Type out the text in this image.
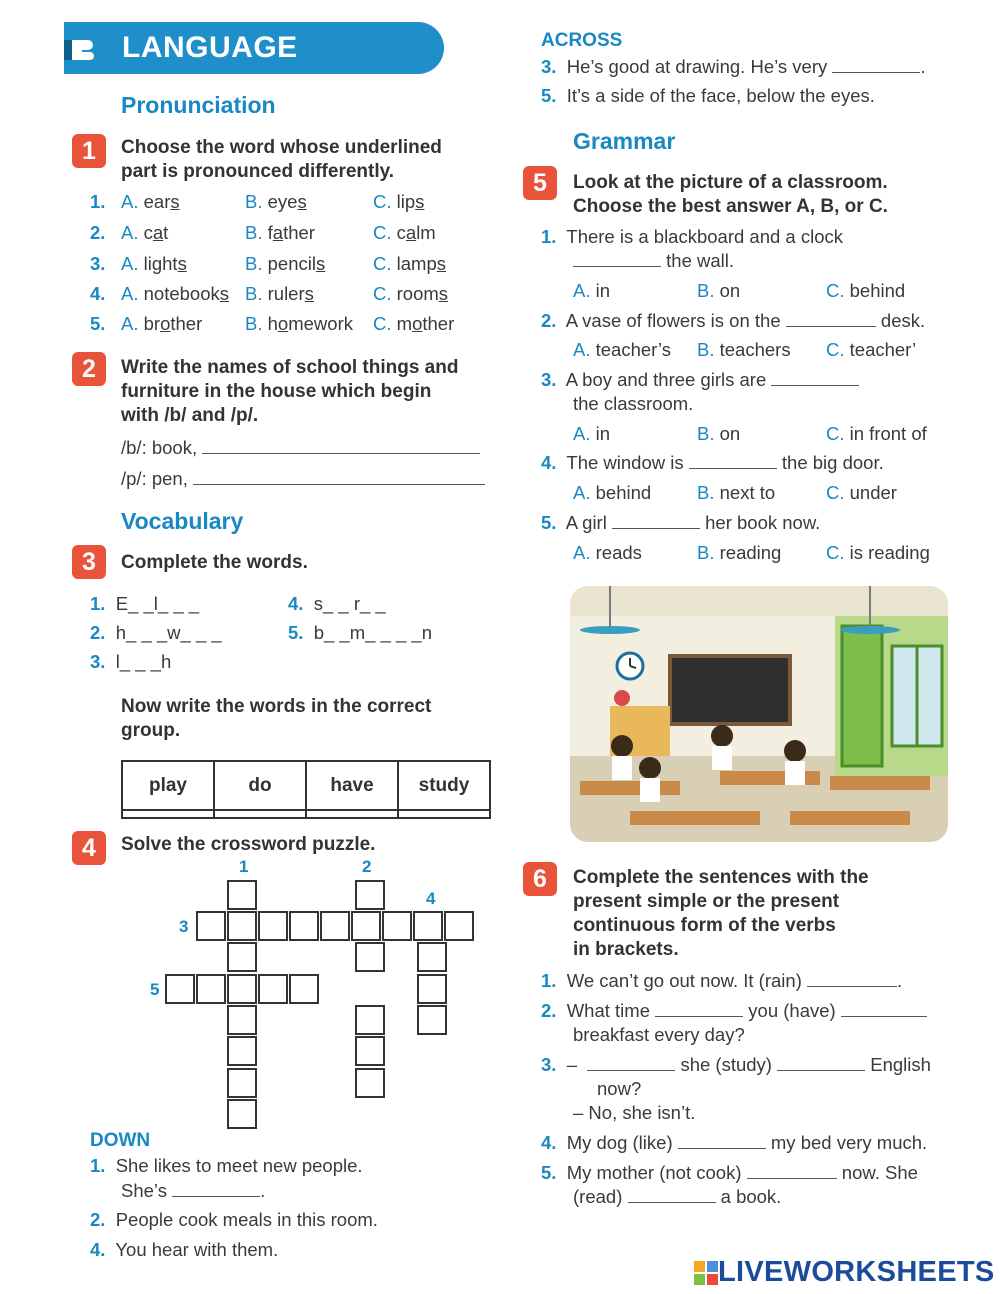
LANGUAGE
Pronunciation
1	Choose the word whose underlined
part is pronounced differently.
1. A. ears	B. eyes	C. lips
2. A. cat	B. father	C. calm
3. A. lights	B. pencils	C. lamps
4. A. notebooks B. rulers	C. rooms
5. A. brother B. homework C. mother
2	Write the names of school things and
furniture in the house which begin
with /b/ and /p/.
/b/: book,
/p/: pen,
Vocabulary
3	Complete the words.
1. E_ _l_ _ _	4. s_ _ r_ _
2. h_ _ _w_ _ _	5. b_ _m_ _ _ _n
3. l_ _ _h
Now write the words in the correct
group.
play	do	have	study

4	Solve the crossword puzzle.
1	2
3
4
5
DOWN
1. She likes to meet new people.
She’s	.
2. People cook meals in this room.
4. You hear with them.
ACROSS
3. He’s good at drawing. He’s very	.
5. It’s a side of the face, below the eyes.
Grammar
5	Look at the picture of a classroom.
Choose the best answer A, B, or C.
1. There is a blackboard and a clock
the wall.
A. in	B. on	C. behind
2. A vase of flowers is on the	desk.
A. teacher’s B. teachers C. teacher’
3. A boy and three girls are
the classroom.
A. in	B. on	C. in front of
4. The window is	the big door.
A. behind B. next to	C. under
5. A girl	her book now.
A. reads	B. reading C. is reading
6	Complete the sentences with the
present simple or the present
continuous form of the verbs
in brackets.
1. We can’t go out now. It (rain)	.
2. What time	you (have)
breakfast every day?
3. –	she (study)	English
now?
– No, she isn’t.
4. My dog (like)	my bed very much.
5. My mother (not cook)	now. She
(read)	a book.
LIVEWORKSHEETS
